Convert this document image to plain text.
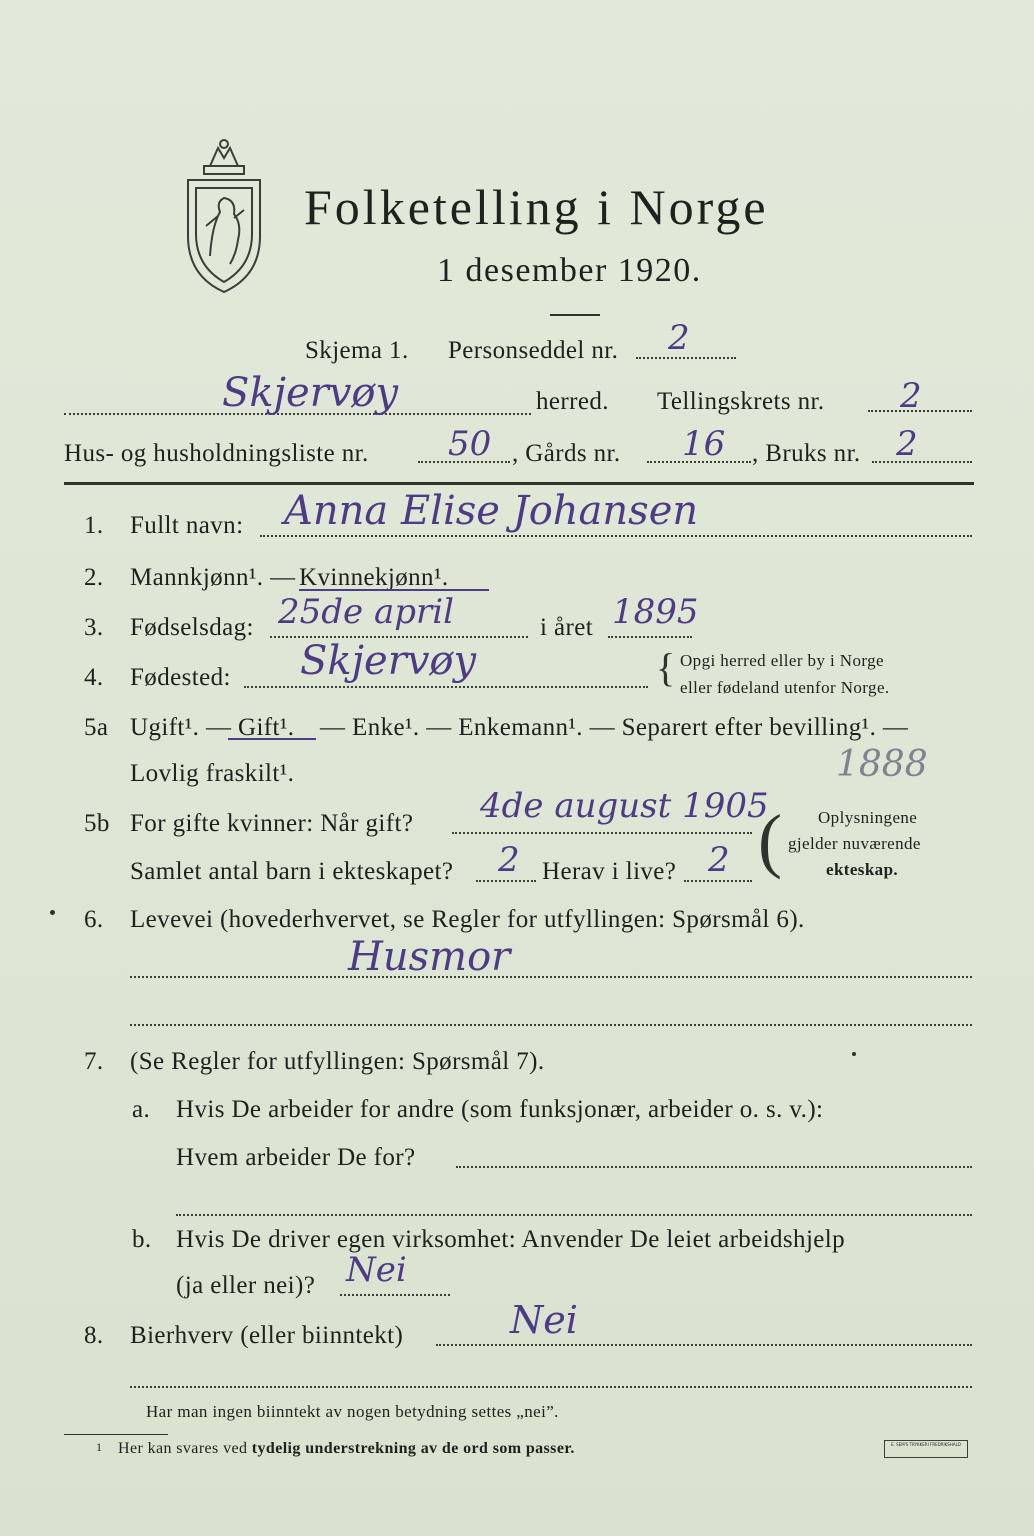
Folketelling i Norge
1 desember 1920.
Skjema 1. Personseddel nr. 2
Skjervøy	herred. Tellingskrets nr. 2
Hus- og husholdningsliste nr. 50 , Gårds nr. 16 , Bruks nr. 2
1. Fullt navn: Anna Elise Johansen
2. Mannkjønn¹. — Kvinnekjønn¹.
3. Fødselsdag: 25de april	i året 1895
4. Fødested: Skjervøy	{ Opgi herred eller by i Norge
eller fødeland utenfor Norge.
5a Ugift¹. — Gift¹. — Enke¹. — Enkemann¹. — Separert efter bevilling¹. —
Lovlig fraskilt¹.	1888
5b For gifte kvinner: Når gift? 4de august 1905
Samlet antal barn i ekteskapet? 2 Herav i live? 2 ( Oplysningene
gjelder nuværende
ekteskap.
6. Levevei (hovederhvervet, se Regler for utfyllingen: Spørsmål 6).
Husmor
7. (Se Regler for utfyllingen: Spørsmål 7).
a. Hvis De arbeider for andre (som funksjonær, arbeider o. s. v.):
Hvem arbeider De for?
b. Hvis De driver egen virksomhet: Anvender De leiet arbeidshjelp
(ja eller nei)? Nei
8. Bierhverv (eller biinntekt)	Nei
Har man ingen biinntekt av nogen betydning settes „nei”.
1 Her kan svares ved tydelig understrekning av de ord som passer.	E. SEM'S TRYKKERI FREDRIKSHALD
